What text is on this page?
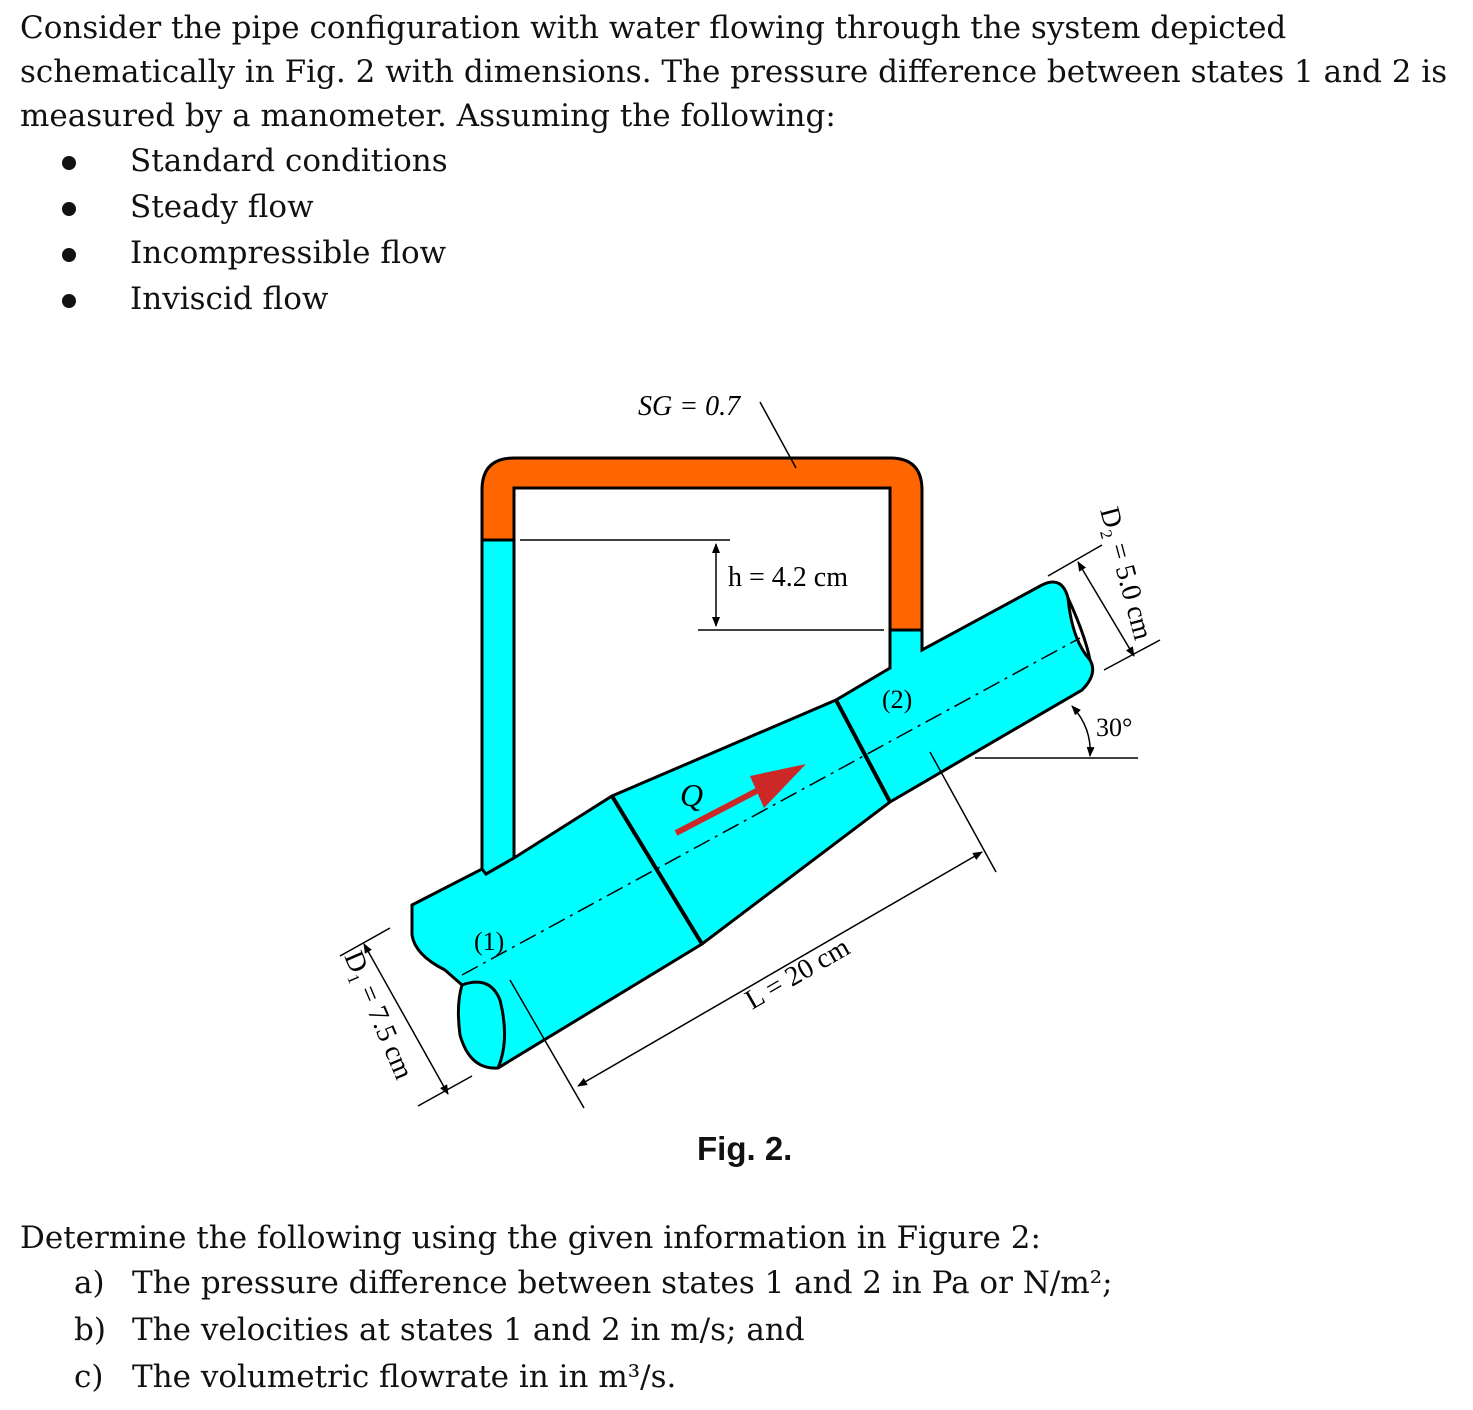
Consider the pipe configuration with water flowing through the system depicted schematically in Fig. 2 with dimensions. The pressure difference between states 1 and 2 is measured by a manometer. Assuming the following:

Standard conditions
Steady flow
Incompressible flow
Inviscid flow
Q
(1)
(2)
SG = 0.7
h = 4.2 cm	D₂ = 5.0 cm
30°
L = 20 cm
D₁ = 7.5 cm
Fig. 2.
Determine the following using the given information in Figure 2:
a) The pressure difference between states 1 and 2 in Pa or N/m²;
b) The velocities at states 1 and 2 in m/s; and
c) The volumetric flowrate in in m³/s.
